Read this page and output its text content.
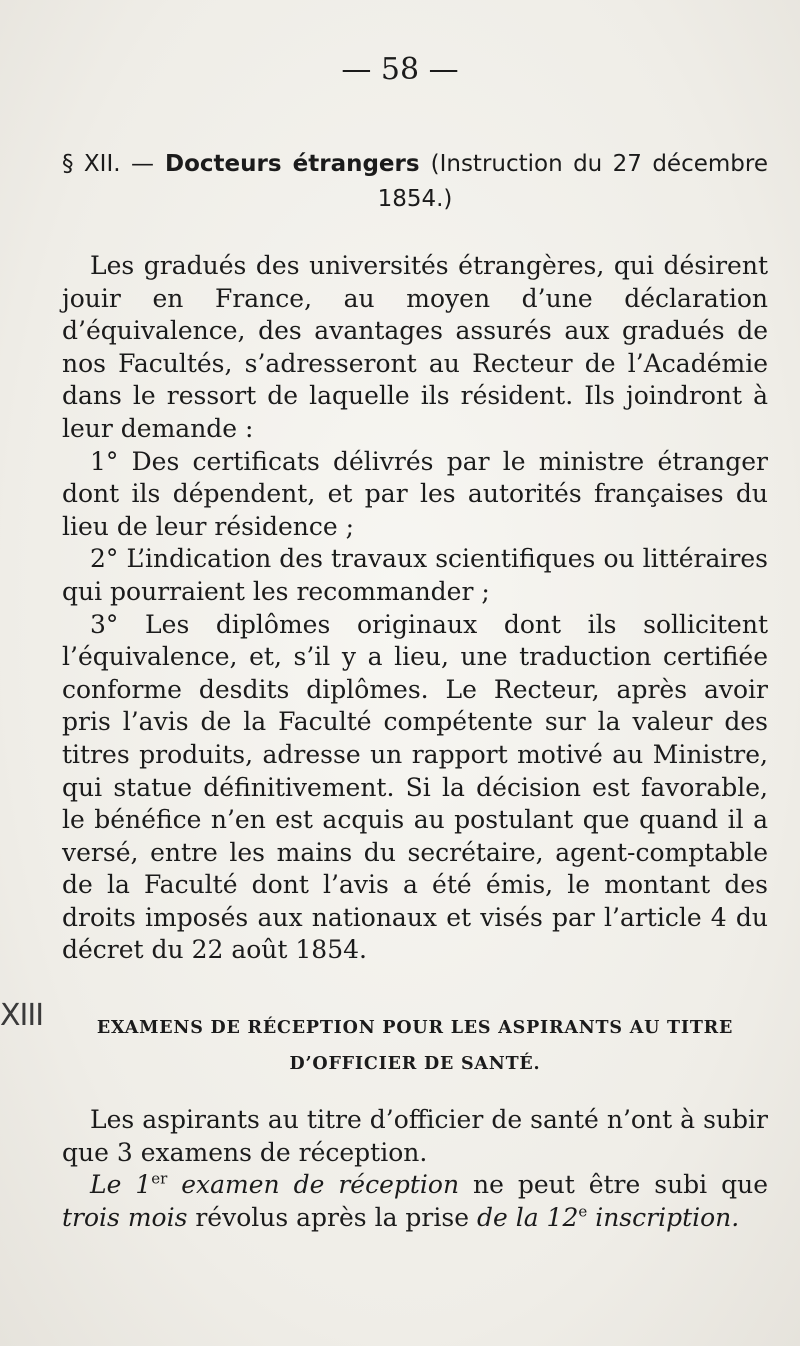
XIII
— 58 —
§ XII. — Docteurs étrangers (Instruction du 27 décembre 1854.)

Les gradués des universités étrangères, qui désirent jouir en France, au moyen d’une déclaration d’équivalence, des avantages assurés aux gradués de nos Facultés, s’adresseront au Recteur de l’Académie dans le ressort de laquelle ils résident. Ils joindront à leur demande :

1° Des certificats délivrés par le ministre étranger dont ils dépendent, et par les autorités françaises du lieu de leur résidence ;

2° L’indication des travaux scientifiques ou littéraires qui pourraient les recommander ;

3° Les diplômes originaux dont ils sollicitent l’équivalence, et, s’il y a lieu, une traduction certifiée conforme desdits diplômes. Le Recteur, après avoir pris l’avis de la Faculté compétente sur la valeur des titres produits, adresse un rapport motivé au Ministre, qui statue définitivement. Si la décision est favorable, le bénéfice n’en est acquis au postulant que quand il a versé, entre les mains du secrétaire, agent-comptable de la Faculté dont l’avis a été émis, le montant des droits imposés aux nationaux et visés par l’article 4 du décret du 22 août 1854.

EXAMENS DE RÉCEPTION POUR LES ASPIRANTS AU TITRE
D’OFFICIER DE SANTÉ.

Les aspirants au titre d’officier de santé n’ont à subir que 3 examens de réception.

Le 1er examen de réception ne peut être subi que trois mois révolus après la prise de la 12e inscription.
